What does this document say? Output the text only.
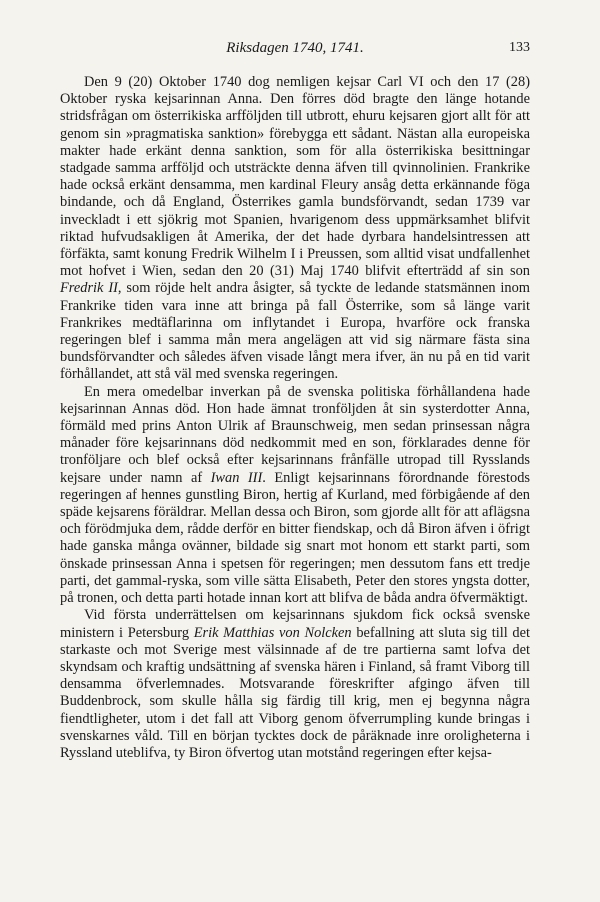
Riksdagen 1740, 1741.	133

Den 9 (20) Oktober 1740 dog nemligen kejsar Carl VI och den 17 (28) Oktober ryska kejsarinnan Anna. Den förres död bragte den länge hotande stridsfrågan om österrikiska arfföljden till utbrott, ehuru kejsaren gjort allt för att genom sin »pragmatiska sanktion» förebygga ett sådant. Nästan alla europeiska makter hade erkänt denna sanktion, som för alla österrikiska besittningar stadgade samma arfföljd och utsträckte denna äfven till qvinnolinien. Frankrike hade också erkänt densamma, men kardinal Fleury ansåg detta erkännande föga bindande, och då England, Österrikes gamla bundsförvandt, sedan 1739 var inveckladt i ett sjökrig mot Spanien, hvarigenom dess uppmärksamhet blifvit riktad hufvudsakligen åt Amerika, der det hade dyrbara handelsintressen att förfäkta, samt konung Fredrik Wilhelm I i Preussen, som alltid visat undfallenhet mot hofvet i Wien, sedan den 20 (31) Maj 1740 blifvit efterträdd af sin son Fredrik II, som röjde helt andra åsigter, så tyckte de ledande statsmännen inom Frankrike tiden vara inne att bringa på fall Österrike, som så länge varit Frankrikes medtäflarinna om inflytandet i Europa, hvarföre ock franska regeringen blef i samma mån mera angelägen att vid sig närmare fästa sina bundsförvandter och således äfven visade långt mera ifver, än nu på en tid varit förhållandet, att stå väl med svenska regeringen.

En mera omedelbar inverkan på de svenska politiska förhållandena hade kejsarinnan Annas död. Hon hade ämnat tronföljden åt sin systerdotter Anna, förmäld med prins Anton Ulrik af Braunschweig, men sedan prinsessan några månader före kejsarinnans död nedkommit med en son, förklarades denne för tronföljare och blef också efter kejsarinnans frånfälle utropad till Rysslands kejsare under namn af Iwan III. Enligt kejsarinnans förordnande förestods regeringen af hennes gunstling Biron, hertig af Kurland, med förbigående af den späde kejsarens föräldrar. Mellan dessa och Biron, som gjorde allt för att aflägsna och förödmjuka dem, rådde derför en bitter fiendskap, och då Biron äfven i öfrigt hade ganska många ovänner, bildade sig snart mot honom ett starkt parti, som önskade prinsessan Anna i spetsen för regeringen; men dessutom fans ett tredje parti, det gammal-ryska, som ville sätta Elisabeth, Peter den stores yngsta dotter, på tronen, och detta parti hotade innan kort att blifva de båda andra öfvermäktigt.

Vid första underrättelsen om kejsarinnans sjukdom fick också svenske ministern i Petersburg Erik Matthias von Nolcken befallning att sluta sig till det starkaste och mot Sverige mest välsinnade af de tre partierna samt lofva det skyndsam och kraftig undsättning af svenska hären i Finland, så framt Viborg till densamma öfverlemnades. Motsvarande föreskrifter afgingo äfven till Buddenbrock, som skulle hålla sig färdig till krig, men ej begynna några fiendtligheter, utom i det fall att Viborg genom öfverrumpling kunde bringas i svenskarnes våld. Till en början tycktes dock de påräknade inre oroligheterna i Ryssland uteblifva, ty Biron öfvertog utan motstånd regeringen efter kejsa-
